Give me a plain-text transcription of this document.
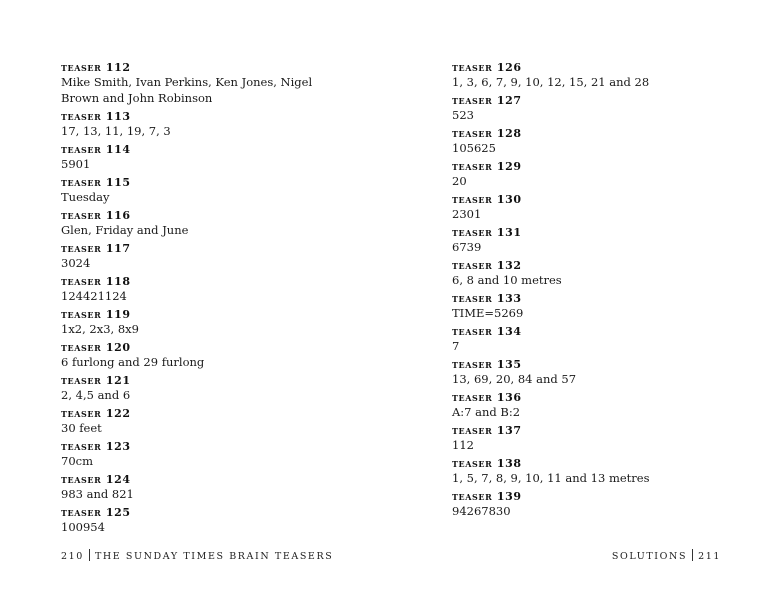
teaser 112
Mike Smith, Ivan Perkins, Ken Jones, Nigel Brown and John Robinson
teaser 113
17, 13, 11, 19, 7, 3
teaser 114
5901
teaser 115
Tuesday
teaser 116
Glen, Friday and June
teaser 117
3024
teaser 118
124421124
teaser 119
1x2, 2x3, 8x9
teaser 120
6 furlong and 29 furlong
teaser 121
2, 4,5 and 6
teaser 122
30 feet
teaser 123
70cm
teaser 124
983 and 821
teaser 125
100954
210 THE SUNDAY TIMES BRAIN TEASERS
teaser 126
1, 3, 6, 7, 9, 10, 12, 15, 21 and 28
teaser 127
523
teaser 128
105625
teaser 129
20
teaser 130
2301
teaser 131
6739
teaser 132
6, 8 and 10 metres
teaser 133
TIME=5269
teaser 134
7
teaser 135
13, 69, 20, 84 and 57
teaser 136
A:7 and B:2
teaser 137
112
teaser 138
1, 5, 7, 8, 9, 10, 11 and 13 metres
teaser 139
94267830
SOLUTIONS 211
